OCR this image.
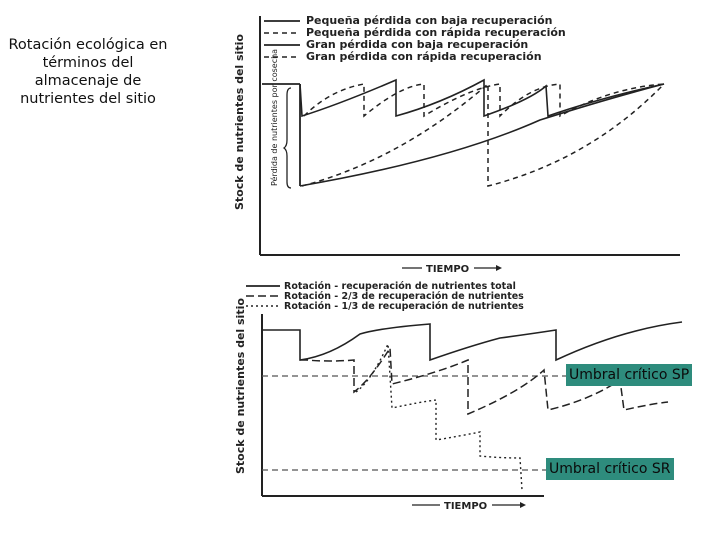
Rotación ecológica en
términos del
almacenaje de
nutrientes del sitio
Pequeña pérdida con baja recuperación
Pequeña pérdida con rápida recuperación
Gran pérdida con baja recuperación
Gran pérdida con rápida recuperación
Stock de nutrientes del sitio	Pérdida de nutrientes por cosecha
TIEMPO
Rotación - recuperación de nutrientes total
Rotación - 2/3 de recuperación de nutrientes
Rotación - 1/3 de recuperación de nutrientes
Stock de nutrientes del sitio
TIEMPO
Umbral crítico SP
Umbral crítico SR
